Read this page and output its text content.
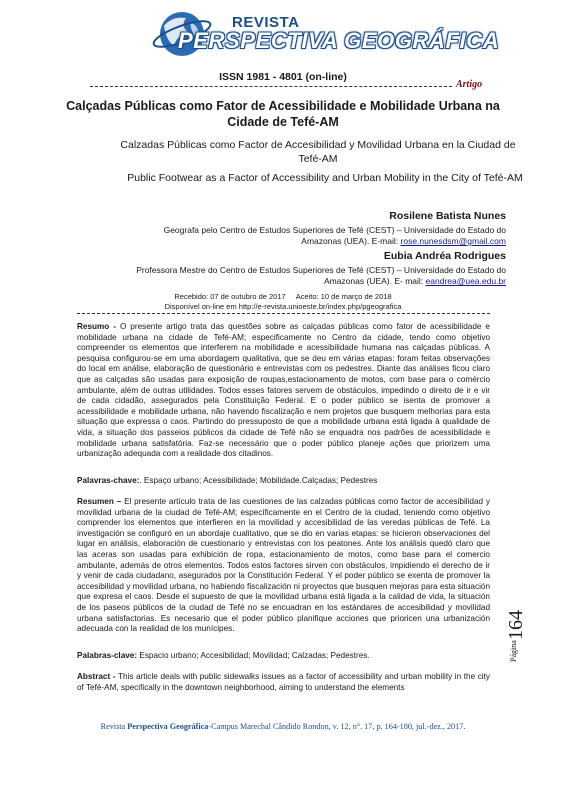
REVISTA
PERSPECTIVA GEOGRÁFICA
ISSN 1981 - 4801 (on-line)
Artigo
Calçadas Públicas como Fator de Acessibilidade e Mobilidade Urbana na Cidade de Tefé-AM
Calzadas Públicas como Factor de Accesibilidad y Movilidad Urbana en la Ciudad de Tefé-AM
Public Footwear as a Factor of Accessibility and Urban Mobility in the City of Tefé-AM
Rosilene Batista Nunes
Geografa pelo Centro de Estudos Superiores de Tefé (CEST) – Universidade do Estado do
Amazonas (UEA). E-mail: rose.nunesdsm@gmail.com
Eubia Andréa Rodrigues
Professora Mestre do Centro de Estudos Superiores de Tefé (CEST) – Universidade do Estado do
Amazonas (UEA). E- mail: eandrea@uea.edu.br
Recebido: 07 de outubro de 2017 Aceito: 10 de março de 2018
Disponível on-line em http://e-revista.unioeste.br/index.php/pgeografica
Resumo - O presente artigo trata das questões sobre as calçadas públicas como fator de acessibilidade e mobilidade urbana na cidade de Tefé-AM; especificamente no Centro da cidade, tendo como objetivo compreender os elementos que interferem na mobilidade e acessibilidade humana nas calçadas públicas. A pesquisa configurou-se em uma abordagem qualitativa, que se deu em várias etapas: foram feitas observações do local em análise, elaboração de questionário e entrevistas com os pedestres. Diante das análises ficou claro que as calçadas são usadas para exposição de roupas,estacionamento de motos, com base para o comércio ambulante, além de outras utilidades. Todos esses fatores servem de obstáculos, impedindo o direito de ir e vir de cada cidadão, assegurados pela Constituição Federal. E o poder público se isenta de promover a acessibilidade e mobilidade urbana, não havendo fiscalização e nem projetos que busquem melhorias para esta situação que expressa o caos. Partindo do pressuposto de que a mobilidade urbana está ligada à qualidade de vida, a situação dos passeios públicos da cidade de Tefé não se enquadra nos padrões de acessibilidade e mobilidade urbana satisfatória. Faz-se necessário que o poder público planeje ações que priorizem uma urbanização adequada com a realidade dos citadinos.
Palavras-chave:. Espaço urbano; Acessibilidade; Mobilidade.Calçadas; Pedestres
Resumen – El presente artículo trata de las cuestiones de las calzadas públicas como factor de accesibilidad y movilidad urbana de la ciudad de Tefé-AM; específicamente en el Centro de la ciudad, teniendo como objetivo comprender los elementos que interfieren en la movilidad y accesibilidad de las veredas públicas de Tefé. La investigación se configuró en un abordaje cualitativo, que se dio en varias etapas: se hicieron observaciones del lugar en análisis, elaboración de cuestionario y entrevistas con los peatones. Ante los análisis quedó claro que las aceras son usadas para exhibición de ropa, estacionamiento de motos, como base para el comercio ambulante, además de otros elementos. Todos estos factores sirven con obstáculos, impidiendo el derecho de ir y venir de cada ciudadano, asegurados por la Constitución Federal. Y el poder público se exenta de promover la accesibilidad y movilidad urbana, no habiendo fiscalización ni proyectos que busquen mejoras para esta situación que expresa el caos. Desde el supuesto de que la movilidad urbana está ligada a la calidad de vida, la situación de los paseos públicos de la ciudad de Tefé no se encuadran en los estándares de accesibilidad y movilidad urbana satisfactorias. Es necesario que el poder público planifique acciones que prioricen una urbanización adecuada con la realidad de los munícipes.
Palabras-clave: Espacio urbano; Accesibilidad; Movilidad; Calzadas; Pedestres.
Abstract - This article deals with public sidewalks issues as a factor of accessibility and urban mobility in the city of Tefé-AM, specifically in the downtown neighborhood, aiming to understand the elements
164
Página
Revista Perspectiva Geográfica-Campus Marechal Cândido Rondon, v. 12, n°. 17, p. 164-180, jul.-dez., 2017.
